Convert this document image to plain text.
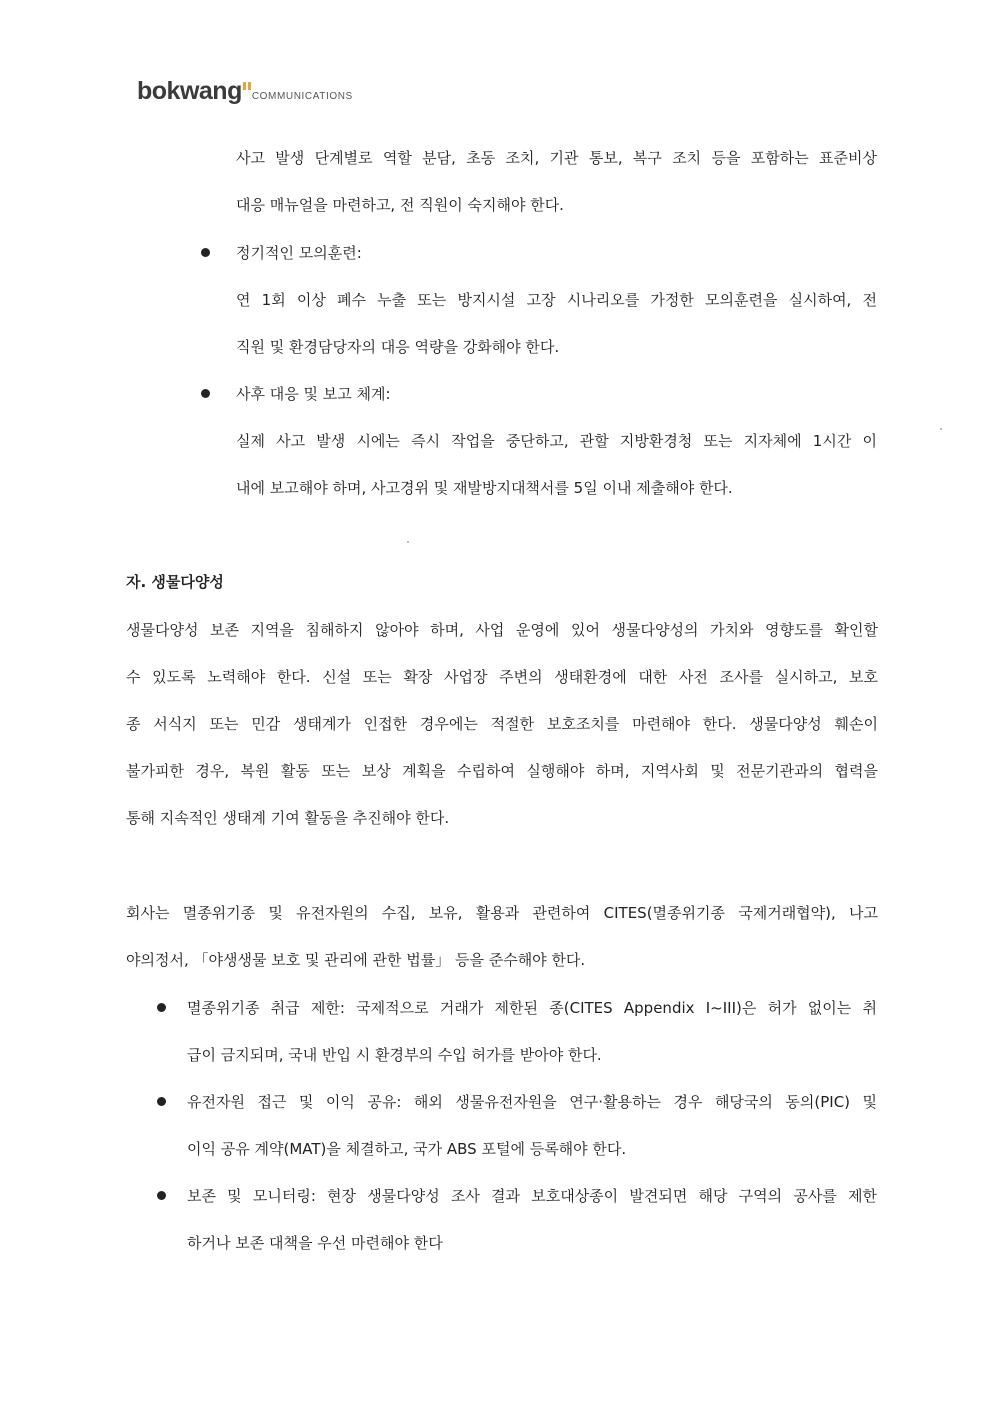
bokwang COMMUNICATIONS
사고 발생 단계별로 역할 분담, 초동 조치, 기관 통보, 복구 조치 등을 포함하는 표준비상
대응 매뉴얼을 마련하고, 전 직원이 숙지해야 한다.
정기적인 모의훈련:
연 1회 이상 폐수 누출 또는 방지시설 고장 시나리오를 가정한 모의훈련을 실시하여, 전
직원 및 환경담당자의 대응 역량을 강화해야 한다.
사후 대응 및 보고 체계:
실제 사고 발생 시에는 즉시 작업을 중단하고, 관할 지방환경청 또는 지자체에 1시간 이
내에 보고해야 하며, 사고경위 및 재발방지대책서를 5일 이내 제출해야 한다.
자. 생물다양성
생물다양성 보존 지역을 침해하지 않아야 하며, 사업 운영에 있어 생물다양성의 가치와 영향도를 확인할
수 있도록 노력해야 한다. 신설 또는 확장 사업장 주변의 생태환경에 대한 사전 조사를 실시하고, 보호
종 서식지 또는 민감 생태계가 인접한 경우에는 적절한 보호조치를 마련해야 한다. 생물다양성 훼손이
불가피한 경우, 복원 활동 또는 보상 계획을 수립하여 실행해야 하며, 지역사회 및 전문기관과의 협력을
통해 지속적인 생태계 기여 활동을 추진해야 한다.
회사는 멸종위기종 및 유전자원의 수집, 보유, 활용과 관련하여 CITES(멸종위기종 국제거래협약), 나고
야의정서, 「야생생물 보호 및 관리에 관한 법률」 등을 준수해야 한다.
멸종위기종 취급 제한: 국제적으로 거래가 제한된 종(CITES Appendix I~III)은 허가 없이는 취
급이 금지되며, 국내 반입 시 환경부의 수입 허가를 받아야 한다.
유전자원 접근 및 이익 공유: 해외 생물유전자원을 연구·활용하는 경우 해당국의 동의(PIC) 및
이익 공유 계약(MAT)을 체결하고, 국가 ABS 포털에 등록해야 한다.
보존 및 모니터링: 현장 생물다양성 조사 결과 보호대상종이 발견되면 해당 구역의 공사를 제한
하거나 보존 대책을 우선 마련해야 한다
